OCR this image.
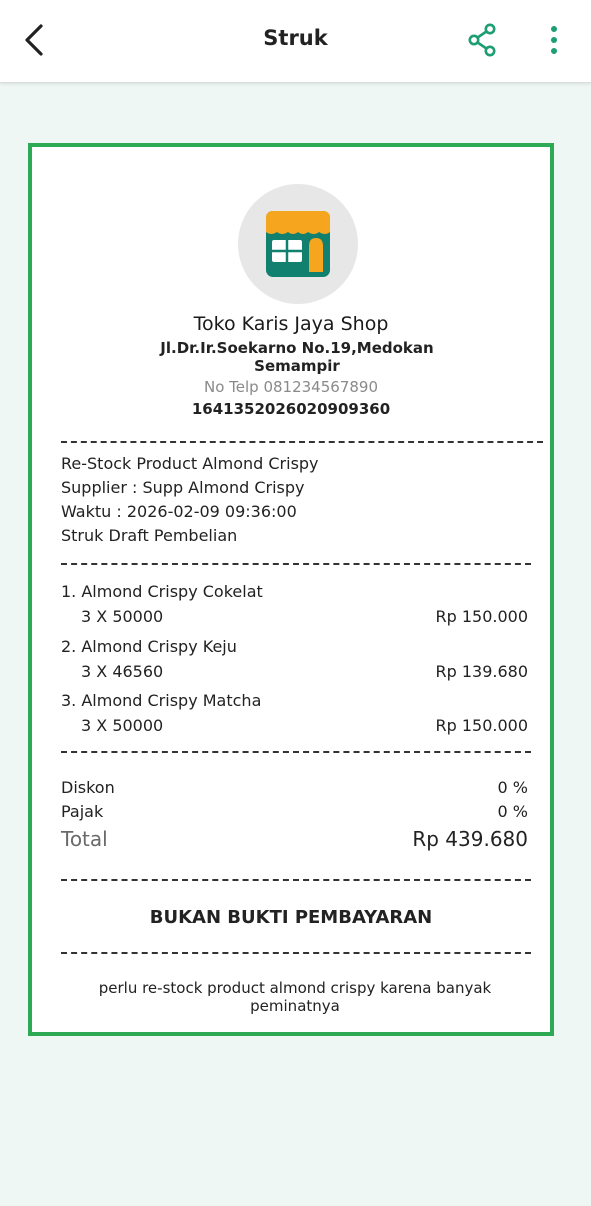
Struk
Toko Karis Jaya Shop
Jl.Dr.Ir.Soekarno No.19,Medokan Semampir
No Telp 081234567890
1641352026020909360
Re-Stock Product Almond Crispy
Supplier : Supp Almond Crispy
Waktu : 2026-02-09 09:36:00
Struk Draft Pembelian
1. Almond Crispy Cokelat
3 X 50000	Rp 150.000
2. Almond Crispy Keju
3 X 46560	Rp 139.680
3. Almond Crispy Matcha
3 X 50000	Rp 150.000
Diskon	0 %
Pajak	0 %
Total	Rp 439.680
BUKAN BUKTI PEMBAYARAN
perlu re-stock product almond crispy karena banyak peminatnya
